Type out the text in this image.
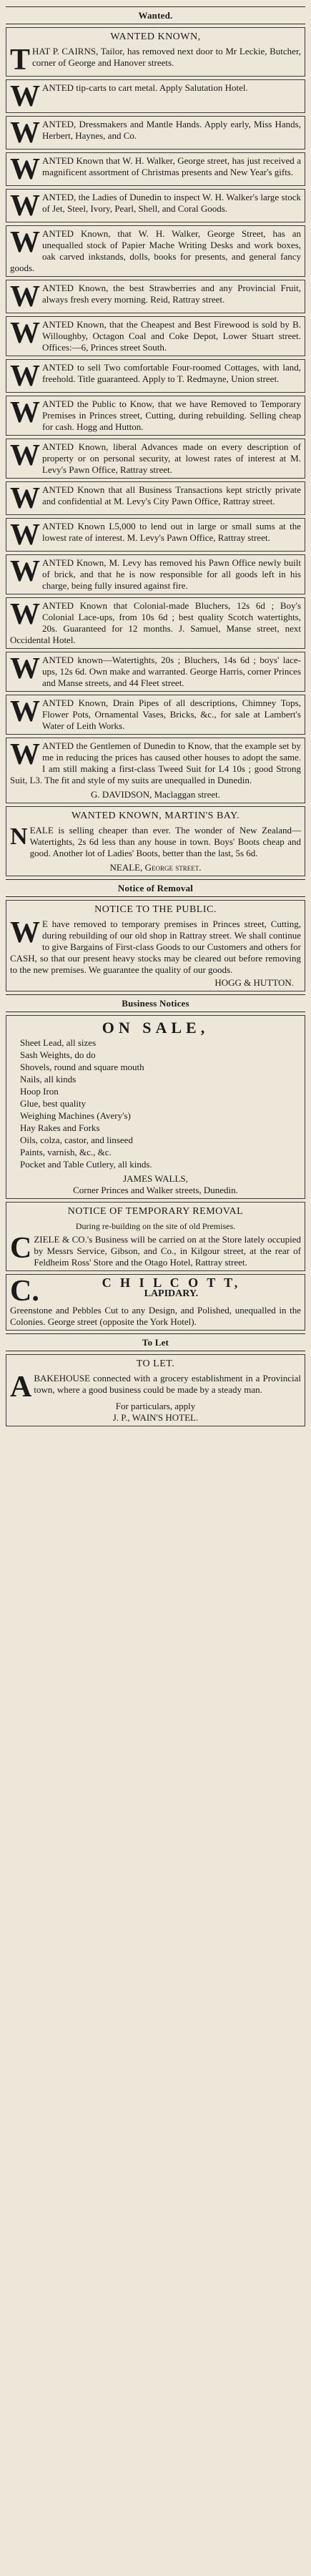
Wanted.
WANTED KNOWN,
T HAT P. CAIRNS, Tailor, has removed next door to Mr Leckie, Butcher, corner of George and Hanover streets.
WANTED tip-carts to cart metal. Apply Salutation Hotel.
WANTED, Dressmakers and Mantle Hands. Apply early, Miss Hands, Herbert, Haynes, and Co.
WANTED Known that W. H. Walker, George street, has just received a magnificent assortment of Christmas presents and New Year's gifts.
WANTED, the Ladies of Dunedin to inspect W. H. Walker's large stock of Jet, Steel, Ivory, Pearl, Shell, and Coral Goods.
WANTED Known, that W. H. Walker, George Street, has an unequalled stock of Papier Mache Writing Desks and work boxes, oak carved inkstands, dolls, books for presents, and general fancy goods.
WANTED Known, the best Strawberries and any Provincial Fruit, always fresh every morning. Reid, Rattray street.
WANTED Known, that the Cheapest and Best Firewood is sold by B. Willoughby, Octagon Coal and Coke Depot, Lower Stuart street. Offices:—6, Princes street South.
WANTED to sell Two comfortable Four-roomed Cottages, with land, freehold. Title guaranteed. Apply to T. Redmayne, Union street.
WANTED the Public to Know, that we have Removed to Temporary Premises in Princes street, Cutting, during rebuilding. Selling cheap for cash. Hogg and Hutton.
WANTED Known, liberal Advances made on every description of property or on personal security, at lowest rates of interest at M. Levy's Pawn Office, Rattray street.
WANTED Known that all Business Transactions kept strictly private and confidential at M. Levy's City Pawn Office, Rattray street.
WANTED Known L5,000 to lend out in large or small sums at the lowest rate of interest. M. Levy's Pawn Office, Rattray street.
WANTED Known, M. Levy has removed his Pawn Office newly built of brick, and that he is now responsible for all goods left in his charge, being fully insured against fire.
WANTED Known that Colonial-made Bluchers, 12s 6d ; Boy's Colonial Lace-ups, from 10s 6d ; best quality Scotch watertights, 20s. Guaranteed for 12 months. J. Samuel, Manse street, next Occidental Hotel.
WANTED known—Watertights, 20s ; Bluchers, 14s 6d ; boys' lace-ups, 12s 6d. Own make and warranted. George Harris, corner Princes and Manse streets, and 44 Fleet street.
WANTED Known, Drain Pipes of all descriptions, Chimney Tops, Flower Pots, Ornamental Vases, Bricks, &c., for sale at Lambert's Water of Leith Works.
WANTED the Gentlemen of Dunedin to Know, that the example set by me in reducing the prices has caused other houses to adopt the same. I am still making a first-class Tweed Suit for L4 10s ; good Strong Suit, L3. The fit and style of my suits are unequalled in Dunedin.
G. DAVIDSON, Maclaggan street.
WANTED KNOWN, MARTIN'S BAY.
N EALE is selling cheaper than ever. The wonder of New Zealand—Watertights, 2s 6d less than any house in town. Boys' Boots cheap and good. Another lot of Ladies' Boots, better than the last, 5s 6d.
NEALE, George street.
Notice of Removal
NOTICE TO THE PUBLIC.
W E have removed to temporary premises in Princes street, Cutting, during rebuilding of our old shop in Rattray street. We shall continue to give Bargains of First-class Goods to our Customers and others for CASH, so that our present heavy stocks may be cleared out before removing to the new premises. We guarantee the quality of our goods.
HOGG & HUTTON.
Business Notices
ON SALE,
Sheet Lead, all sizes
Sash Weights, do do
Shovels, round and square mouth
Nails, all kinds
Hoop Iron
Glue, best quality
Weighing Machines (Avery's)
Hay Rakes and Forks
Oils, colza, castor, and linseed
Paints, varnish, &c., &c.
Pocket and Table Cutlery, all kinds.
JAMES WALLS,
Corner Princes and Walker streets, Dunedin.
NOTICE OF TEMPORARY REMOVAL
During re-building on the site of old Premises.
C ZIELE & CO.'s Business will be carried on at the Store lately occupied by Messrs Service, Gibson, and Co., in Kilgour street, at the rear of Feldheim Ross' Store and the Otago Hotel, Rattray street.
C.	C H I L C O T T,
LAPIDARY.
Greenstone and Pebbles Cut to any Design, and Polished, unequalled in the Colonies. George street (opposite the York Hotel).
To Let
TO LET.
A BAKEHOUSE connected with a grocery establishment in a Provincial town, where a good business could be made by a steady man.
For particulars, apply
J. P., WAIN'S HOTEL.
